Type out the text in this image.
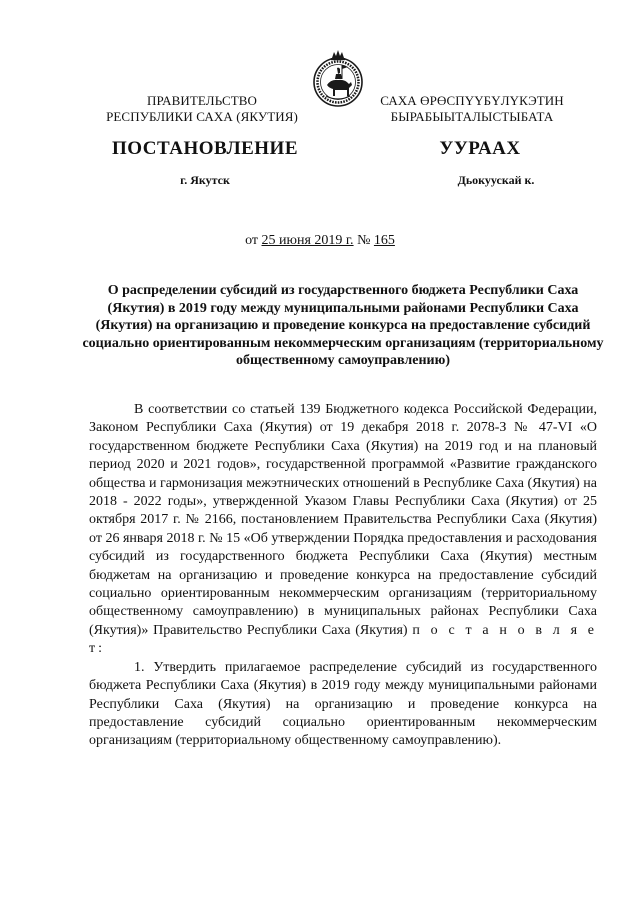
ПРАВИТЕЛЬСТВО
РЕСПУБЛИКИ САХА (ЯКУТИЯ)
САХА ӨРӨСПҮҮБҮЛҮКЭТИН
БЫРАБЫЫТАЛЫСТЫБАТА
ПОСТАНОВЛЕНИЕ	УУРААХ
г. Якутск	Дьокуускай к.
от 25 июня 2019 г. № 165
О распределении субсидий из государственного бюджета Республики Саха (Якутия) в 2019 году между муниципальными районами Республики Саха (Якутия) на организацию и проведение конкурса на предоставление субсидий социально ориентированным некоммерческим организациям (территориальному общественному самоуправлению)

В соответствии со статьей 139 Бюджетного кодекса Российской Федерации, Законом Республики Саха (Якутия) от 19 декабря 2018 г. 2078-З № 47-VI «О государственном бюджете Республики Саха (Якутия) на 2019 год и на плановый период 2020 и 2021 годов», государственной программой «Развитие гражданского общества и гармонизация межэтнических отношений в Республике Саха (Якутия) на 2018 - 2022 годы», утвержденной Указом Главы Республики Саха (Якутия) от 25 октября 2017 г. № 2166, постановлением Правительства Республики Саха (Якутия) от 26 января 2018 г. № 15 «Об утверждении Порядка предоставления и расходования субсидий из государственного бюджета Республики Саха (Якутия) местным бюджетам на организацию и проведение конкурса на предоставление субсидий социально ориентированным некоммерческим организациям (территориальному общественному самоуправлению) в муниципальных районах Республики Саха (Якутия)» Правительство Республики Саха (Якутия) п о с т а н о в л я е т:

1. Утвердить прилагаемое распределение субсидий из государственного бюджета Республики Саха (Якутия) в 2019 году между муниципальными районами Республики Саха (Якутия) на организацию и проведение конкурса на предоставление субсидий социально ориентированным некоммерческим организациям (территориальному общественному самоуправлению).
